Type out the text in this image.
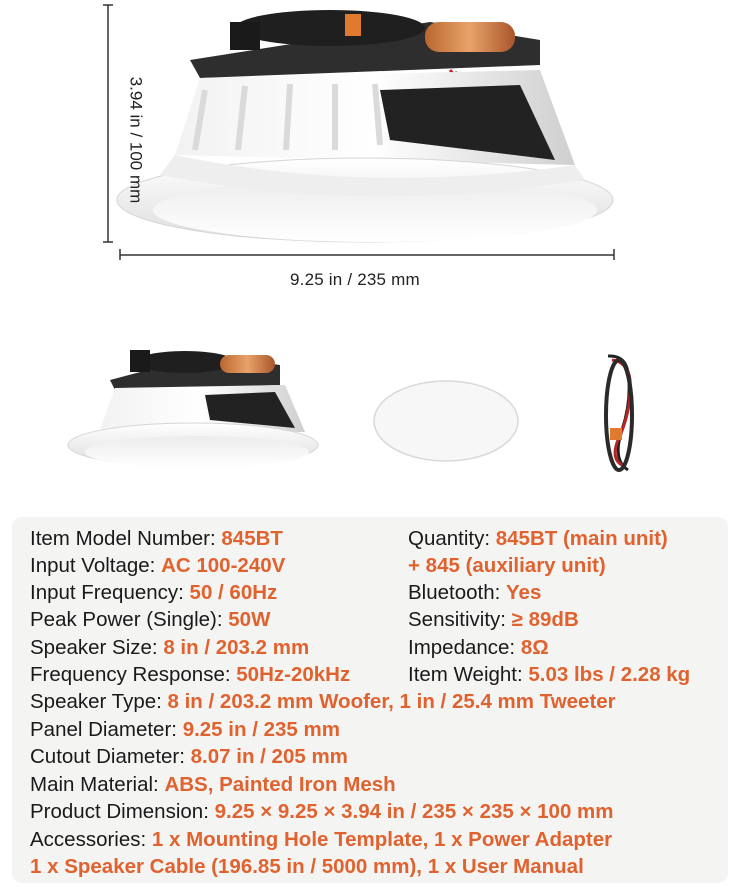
9.25 in / 235 mm
3.94 in / 100 mm
Item Model Number: 845BT
Input Voltage: AC 100-240V
Input Frequency: 50 / 60Hz
Peak Power (Single): 50W
Speaker Size: 8 in / 203.2 mm
Frequency Response: 50Hz-20kHz
Speaker Type: 8 in / 203.2 mm Woofer, 1 in / 25.4 mm Tweeter
Panel Diameter: 9.25 in / 235 mm
Cutout Diameter: 8.07 in / 205 mm
Main Material: ABS, Painted Iron Mesh
Product Dimension: 9.25 × 9.25 × 3.94 in / 235 × 235 × 100 mm
Accessories: 1 x Mounting Hole Template, 1 x Power Adapter
1 x Speaker Cable (196.85 in / 5000 mm), 1 x User Manual
Quantity: 845BT (main unit)
+ 845 (auxiliary unit)
Bluetooth: Yes
Sensitivity: ≥ 89dB
Impedance: 8Ω
Item Weight: 5.03 lbs / 2.28 kg
